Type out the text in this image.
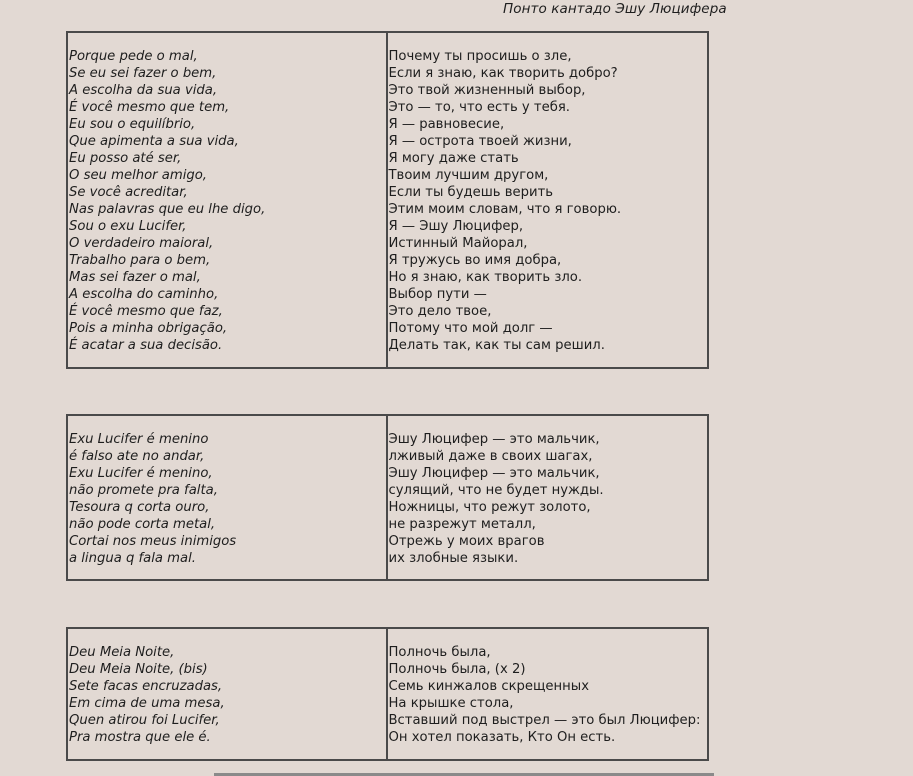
Понто кантадо Эшу Люцифера
Porque pede o mal,
Se eu sei fazer o bem,
A escolha da sua vida,
É você mesmo que tem,
Eu sou o equilíbrio,
Que apimenta a sua vida,
Eu posso até ser,
O seu melhor amigo,
Se você acreditar,
Nas palavras que eu lhe digo,
Sou o exu Lucifer,
O verdadeiro maioral,
Trabalho para o bem,
Mas sei fazer o mal,
A escolha do caminho,
É você mesmo que faz,
Pois a minha obrigação,
É acatar a sua decisão.
Почему ты просишь о зле,
Если я знаю, как творить добро?
Это твой жизненный выбор,
Это — то, что есть у тебя.
Я — равновесие,
Я — острота твоей жизни,
Я могу даже стать
Твоим лучшим другом,
Если ты будешь верить
Этим моим словам, что я говорю.
Я — Эшу Люцифер,
Истинный Майорал,
Я тружусь во имя добра,
Но я знаю, как творить зло.
Выбор пути —
Это дело твое,
Потому что мой долг —
Делать так, как ты сам решил.
Exu Lucifer é menino
é falso ate no andar,
Exu Lucifer é menino,
não promete pra falta,
Tesoura q corta ouro,
não pode corta metal,
Cortai nos meus inimigos
a lingua q fala mal.
Эшу Люцифер — это мальчик,
лживый даже в своих шагах,
Эшу Люцифер — это мальчик,
сулящий, что не будет нужды.
Ножницы, что режут золото,
не разрежут металл,
Отрежь у моих врагов
их злобные языки.
Deu Meia Noite,
Deu Meia Noite, (bis)
Sete facas encruzadas,
Em cima de uma mesa,
Quen atirou foi Lucifer,
Pra mostra que ele é.
Полночь была,
Полночь была, (x 2)
Семь кинжалов скрещенных
На крышке стола,
Вставший под выстрел — это был Люцифер:
Он хотел показать, Кто Он есть.
